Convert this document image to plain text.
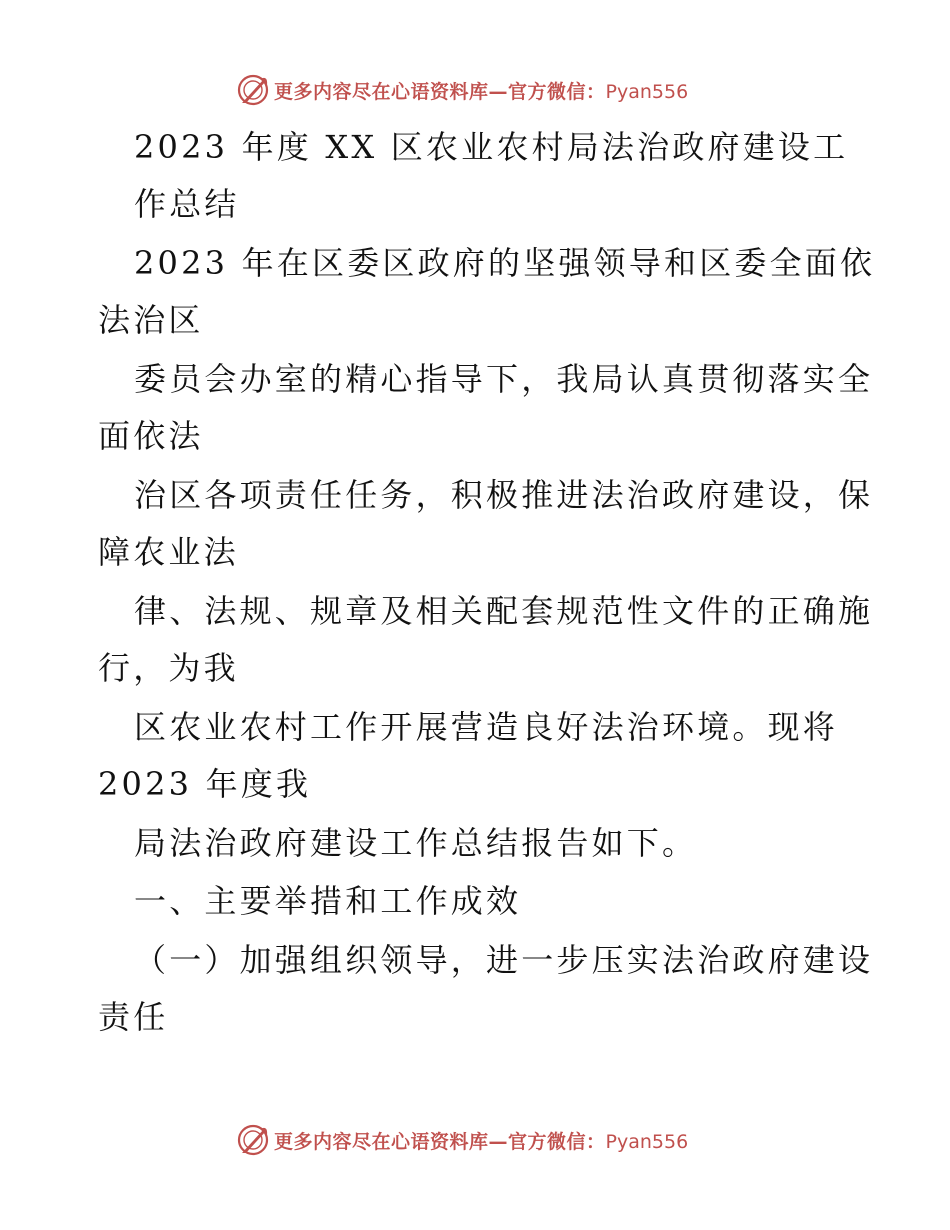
更多内容尽在心语资料库—官方微信：Pyan556
2023 年度 XX 区农业农村局法治政府建设工
作总结
2023 年在区委区政府的坚强领导和区委全面依
法治区
委员会办室的精心指导下，我局认真贯彻落实全
面依法
治区各项责任任务，积极推进法治政府建设，保
障农业法
律、法规、规章及相关配套规范性文件的正确施
行，为我
区农业农村工作开展营造良好法治环境。现将
2023 年度我
局法治政府建设工作总结报告如下。
一、主要举措和工作成效
（一）加强组织领导，进一步压实法治政府建设
责任
更多内容尽在心语资料库—官方微信：Pyan556
